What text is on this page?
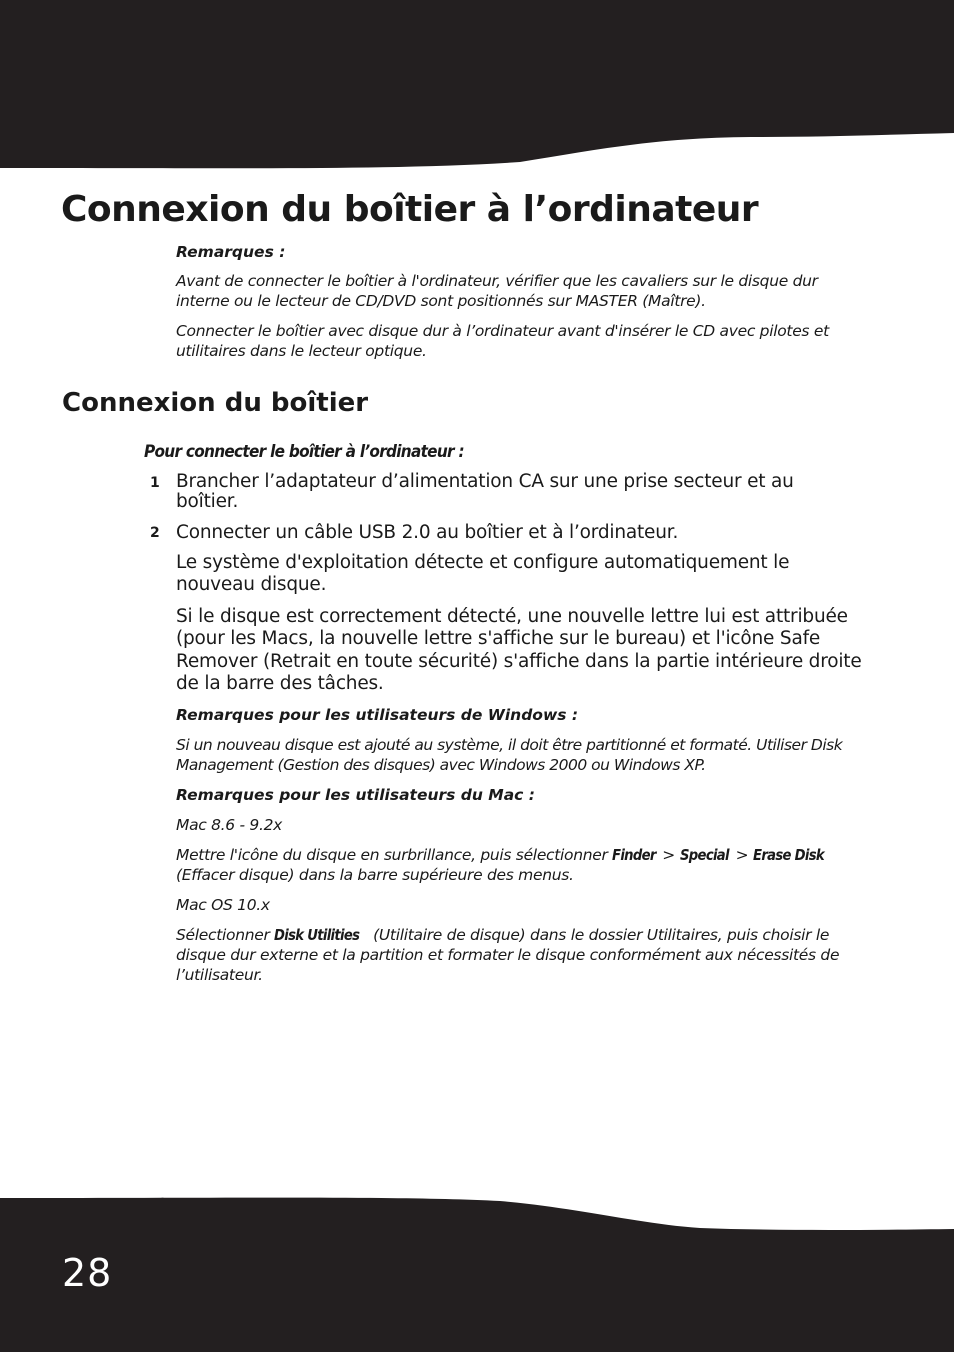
Connexion du boîtier à l’ordinateur

Remarques :

Avant de connecter le boîtier à l'ordinateur, vérifier que les cavaliers sur le disque dur interne ou le lecteur de CD/DVD sont positionnés sur MASTER (Maître).

Connecter le boîtier avec disque dur à l’ordinateur avant d'insérer le CD avec pilotes et utilitaires dans le lecteur optique.

Connexion du boîtier

Pour connecter le boîtier à l’ordinateur :

1 Brancher l’adaptateur d’alimentation CA sur une prise secteur et au boîtier.

2 Connecter un câble USB 2.0 au boîtier et à l’ordinateur.

Le système d'exploitation détecte et configure automatiquement le nouveau disque.

Si le disque est correctement détecté, une nouvelle lettre lui est attribuée (pour les Macs, la nouvelle lettre s'affiche sur le bureau) et l'icône Safe Remover (Retrait en toute sécurité) s'affiche dans la partie intérieure droite de la barre des tâches.

Remarques pour les utilisateurs de Windows :

Si un nouveau disque est ajouté au système, il doit être partitionné et formaté. Utiliser Disk Management (Gestion des disques) avec Windows 2000 ou Windows XP.

Remarques pour les utilisateurs du Mac :

Mac 8.6 - 9.2x

Mettre l'icône du disque en surbrillance, puis sélectionner Finder > Special > Erase Disk (Effacer disque) dans la barre supérieure des menus.

Mac OS 10.x

Sélectionner Disk Utilities (Utilitaire de disque) dans le dossier Utilitaires, puis choisir le disque dur externe et la partition et formater le disque conformément aux nécessités de l’utilisateur.

28
